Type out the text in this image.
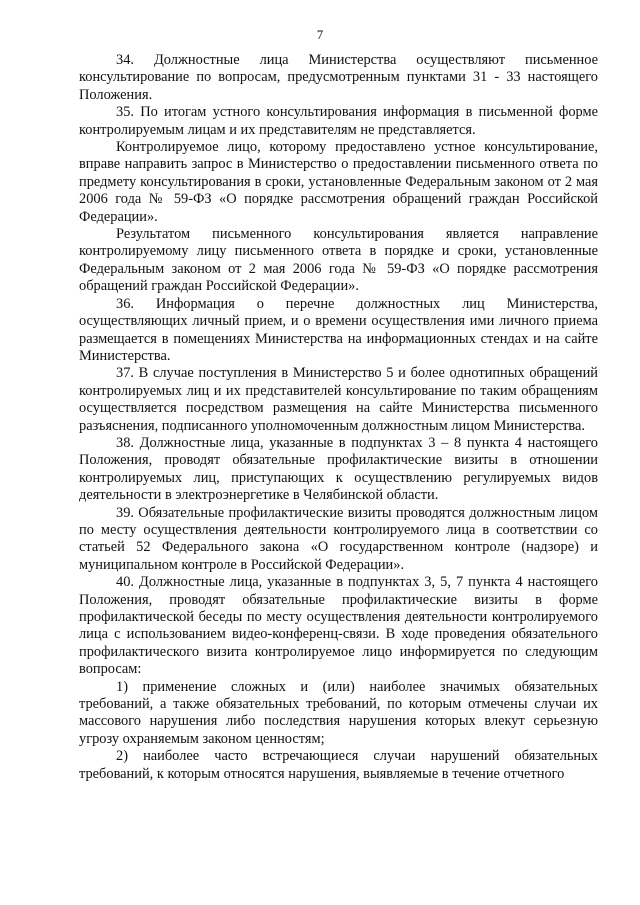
7

34. Должностные лица Министерства осуществляют письменное консультирование по вопросам, предусмотренным пунктами 31 - 33 настоящего Положения.

35. По итогам устного консультирования информация в письменной форме контролируемым лицам и их представителям не представляется.

Контролируемое лицо, которому предоставлено устное консультирование, вправе направить запрос в Министерство о предоставлении письменного ответа по предмету консультирования в сроки, установленные Федеральным законом от 2 мая 2006 года № 59-ФЗ «О порядке рассмотрения обращений граждан Российской Федерации».

Результатом письменного консультирования является направление контролируемому лицу письменного ответа в порядке и сроки, установленные Федеральным законом от 2 мая 2006 года № 59-ФЗ «О порядке рассмотрения обращений граждан Российской Федерации».

36. Информация о перечне должностных лиц Министерства, осуществляющих личный прием, и о времени осуществления ими личного приема размещается в помещениях Министерства на информационных стендах и на сайте Министерства.

37. В случае поступления в Министерство 5 и более однотипных обращений контролируемых лиц и их представителей консультирование по таким обращениям осуществляется посредством размещения на сайте Министерства письменного разъяснения, подписанного уполномоченным должностным лицом Министерства.

38. Должностные лица, указанные в подпунктах 3 – 8 пункта 4 настоящего Положения, проводят обязательные профилактические визиты в отношении контролируемых лиц, приступающих к осуществлению регулируемых видов деятельности в электроэнергетике в Челябинской области.

39. Обязательные профилактические визиты проводятся должностным лицом по месту осуществления деятельности контролируемого лица в соответствии со статьей 52 Федерального закона «О государственном контроле (надзоре) и муниципальном контроле в Российской Федерации».

40. Должностные лица, указанные в подпунктах 3, 5, 7 пункта 4 настоящего Положения, проводят обязательные профилактические визиты в форме профилактической беседы по месту осуществления деятельности контролируемого лица с использованием видео-конференц-связи. В ходе проведения обязательного профилактического визита контролируемое лицо информируется по следующим вопросам:

1) применение сложных и (или) наиболее значимых обязательных требований, а также обязательных требований, по которым отмечены случаи их массового нарушения либо последствия нарушения которых влекут серьезную угрозу охраняемым законом ценностям;

2) наиболее часто встречающиеся случаи нарушений обязательных требований, к которым относятся нарушения, выявляемые в течение отчетного
